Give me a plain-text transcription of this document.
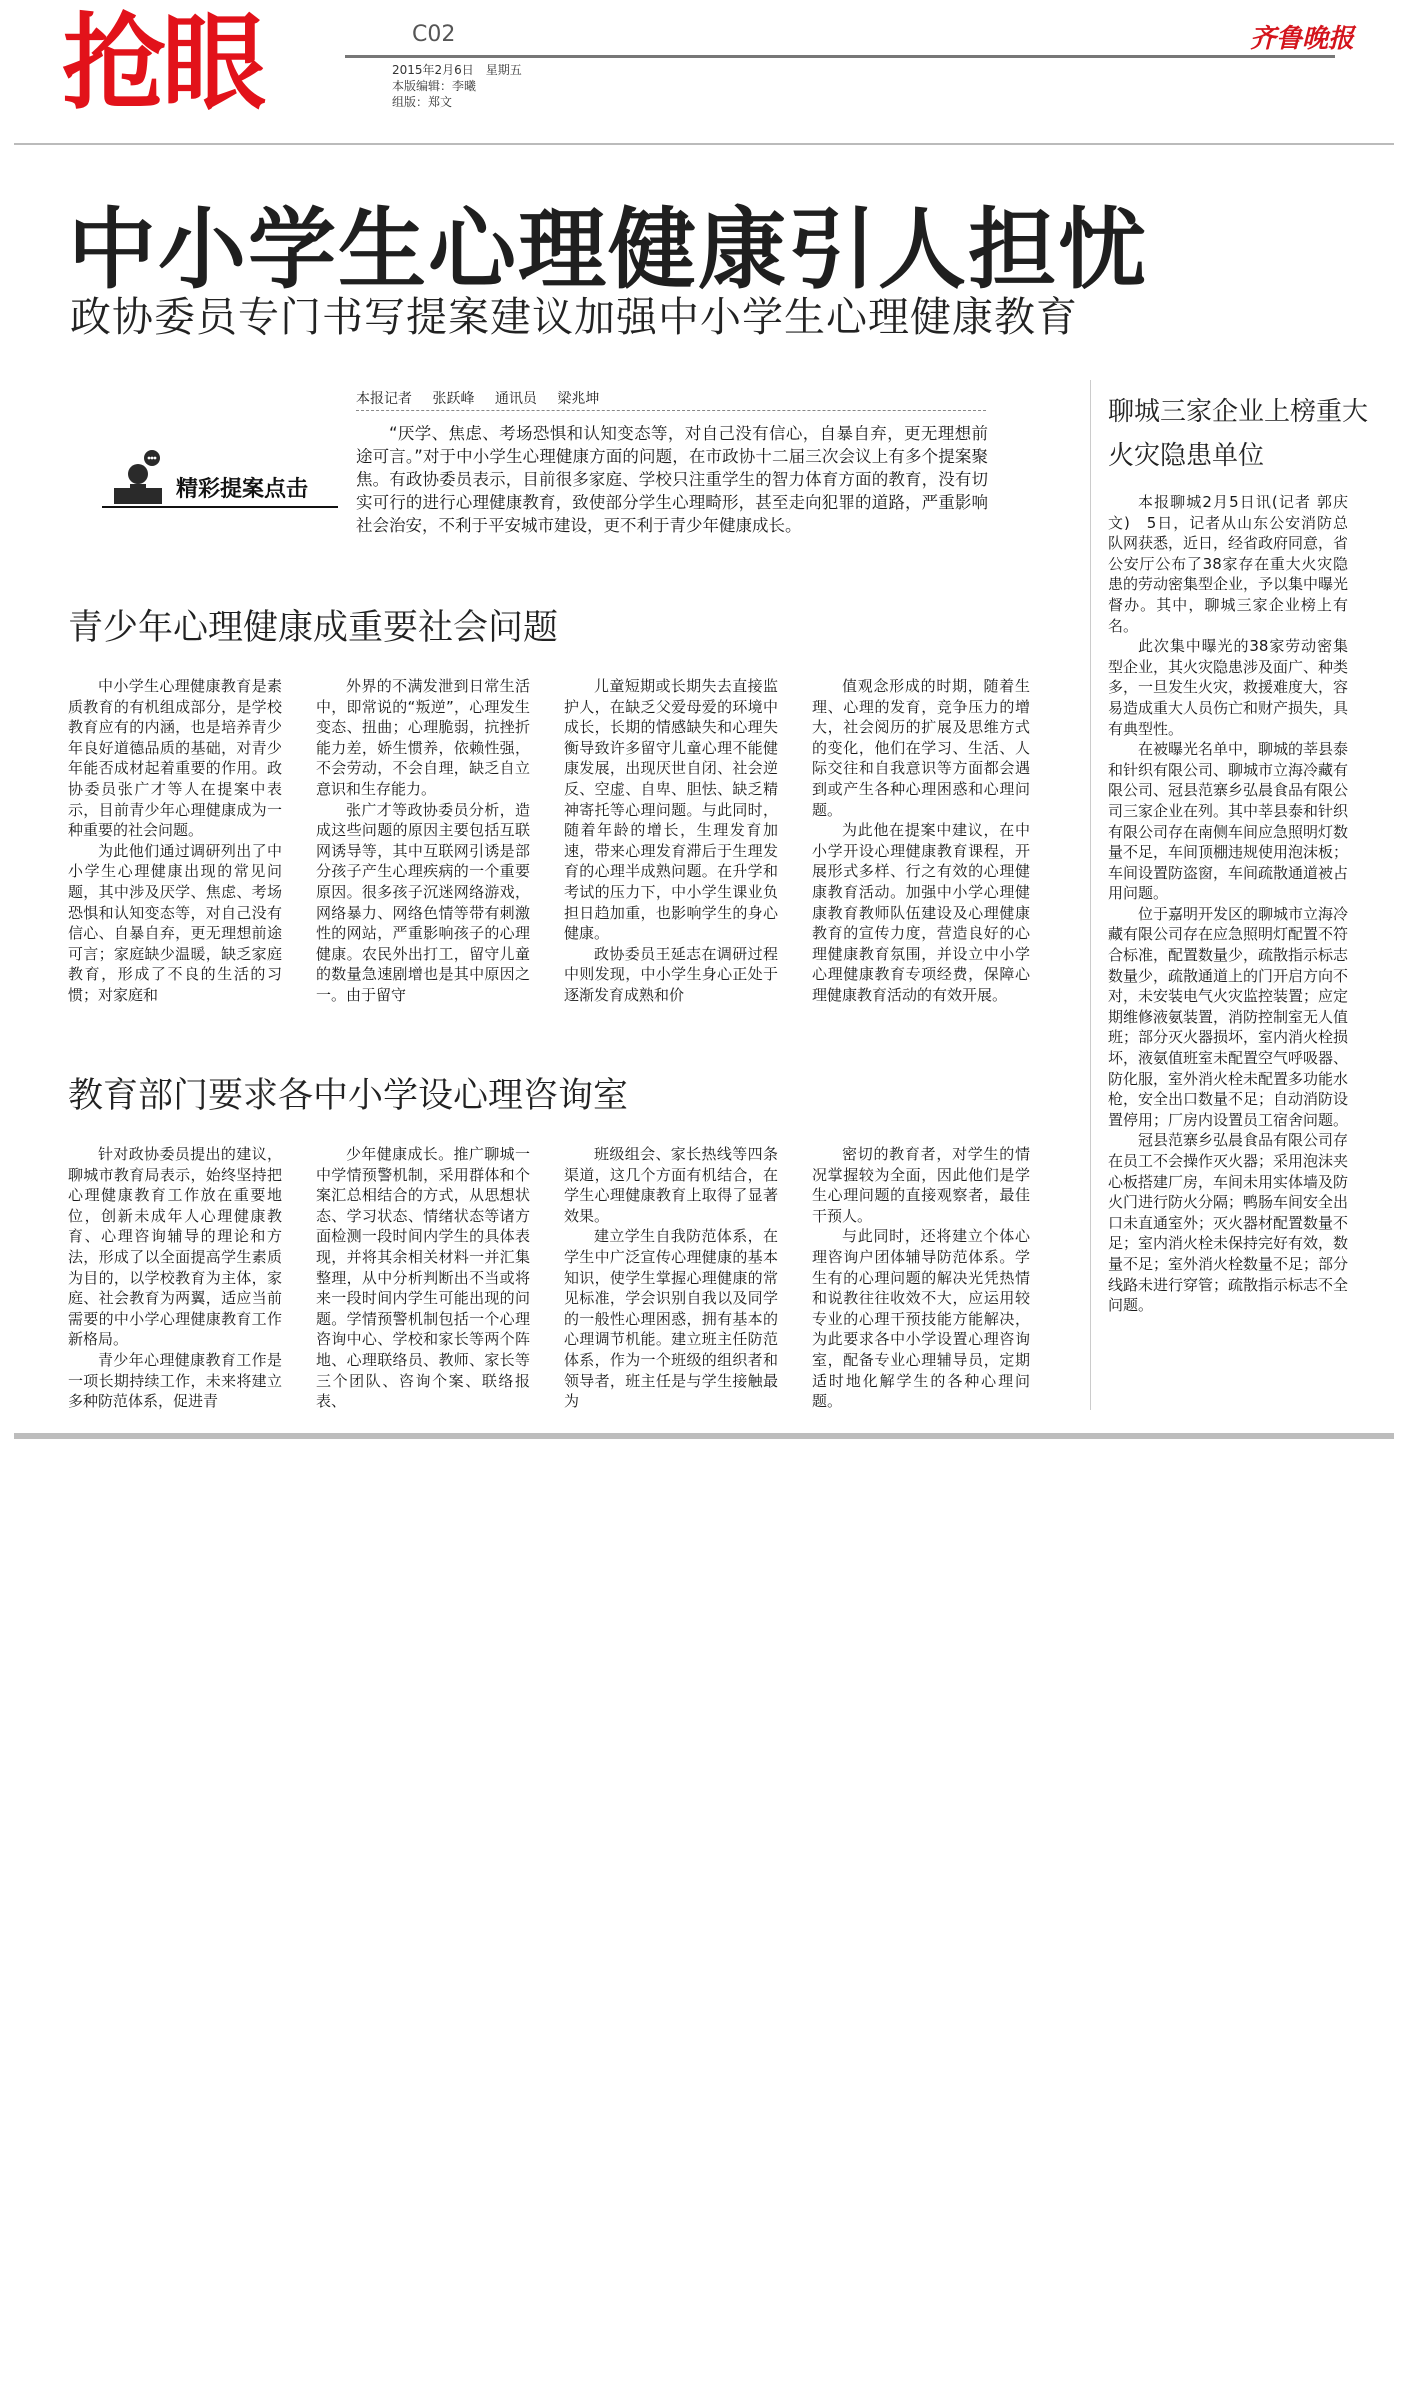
抢眼	C02
2015年2月6日　星期五
本版编辑：李曦
组版：郑文
齐鲁晚报
中小学生心理健康引人担忧
政协委员专门书写提案建议加强中小学生心理健康教育
本报记者 张跃峰 通讯员 梁兆坤
精彩提案点击
“厌学、焦虑、考场恐惧和认知变态等，对自己没有信心，自暴自弃，更无理想前途可言。”对于中小学生心理健康方面的问题，在市政协十二届三次会议上有多个提案聚焦。有政协委员表示，目前很多家庭、学校只注重学生的智力体育方面的教育，没有切实可行的进行心理健康教育，致使部分学生心理畸形，甚至走向犯罪的道路，严重影响社会治安，不利于平安城市建设，更不利于青少年健康成长。
青少年心理健康成重要社会问题

中小学生心理健康教育是素质教育的有机组成部分，是学校教育应有的内涵，也是培养青少年良好道德品质的基础，对青少年能否成材起着重要的作用。政协委员张广才等人在提案中表示，目前青少年心理健康成为一种重要的社会问题。

为此他们通过调研列出了中小学生心理健康出现的常见问题，其中涉及厌学、焦虑、考场恐惧和认知变态等，对自己没有信心、自暴自弃，更无理想前途可言；家庭缺少温暖，缺乏家庭教育，形成了不良的生活的习惯；对家庭和

外界的不满发泄到日常生活中，即常说的“叛逆”，心理发生变态、扭曲；心理脆弱，抗挫折能力差，娇生惯养，依赖性强，不会劳动，不会自理，缺乏自立意识和生存能力。

张广才等政协委员分析，造成这些问题的原因主要包括互联网诱导等，其中互联网引诱是部分孩子产生心理疾病的一个重要原因。很多孩子沉迷网络游戏，网络暴力、网络色情等带有刺激性的网站，严重影响孩子的心理健康。农民外出打工，留守儿童的数量急速剧增也是其中原因之一。由于留守

儿童短期或长期失去直接监护人，在缺乏父爱母爱的环境中成长，长期的情感缺失和心理失衡导致许多留守儿童心理不能健康发展，出现厌世自闭、社会逆反、空虚、自卑、胆怯、缺乏精神寄托等心理问题。与此同时，随着年龄的增长，生理发育加速，带来心理发育滞后于生理发育的心理半成熟问题。在升学和考试的压力下，中小学生课业负担日趋加重，也影响学生的身心健康。

政协委员王延志在调研过程中则发现，中小学生身心正处于逐渐发育成熟和价

值观念形成的时期，随着生理、心理的发育，竞争压力的增大，社会阅历的扩展及思维方式的变化，他们在学习、生活、人际交往和自我意识等方面都会遇到或产生各种心理困惑和心理问题。

为此他在提案中建议，在中小学开设心理健康教育课程，开展形式多样、行之有效的心理健康教育活动。加强中小学心理健康教育教师队伍建设及心理健康教育的宣传力度，营造良好的心理健康教育氛围，并设立中小学心理健康教育专项经费，保障心理健康教育活动的有效开展。

教育部门要求各中小学设心理咨询室

针对政协委员提出的建议，聊城市教育局表示，始终坚持把心理健康教育工作放在重要地位，创新未成年人心理健康教育、心理咨询辅导的理论和方法，形成了以全面提高学生素质为目的，以学校教育为主体，家庭、社会教育为两翼，适应当前需要的中小学心理健康教育工作新格局。

青少年心理健康教育工作是一项长期持续工作，未来将建立多种防范体系，促进青

少年健康成长。推广聊城一中学情预警机制，采用群体和个案汇总相结合的方式，从思想状态、学习状态、情绪状态等诸方面检测一段时间内学生的具体表现，并将其余相关材料一并汇集整理，从中分析判断出不当或将来一段时间内学生可能出现的问题。学情预警机制包括一个心理咨询中心、学校和家长等两个阵地、心理联络员、教师、家长等三个团队、咨询个案、联络报表、

班级组会、家长热线等四条渠道，这几个方面有机结合，在学生心理健康教育上取得了显著效果。

建立学生自我防范体系，在学生中广泛宣传心理健康的基本知识，使学生掌握心理健康的常见标准，学会识别自我以及同学的一般性心理困惑，拥有基本的心理调节机能。建立班主任防范体系，作为一个班级的组织者和领导者，班主任是与学生接触最为

密切的教育者，对学生的情况掌握较为全面，因此他们是学生心理问题的直接观察者，最佳干预人。

与此同时，还将建立个体心理咨询户团体辅导防范体系。学生有的心理问题的解决光凭热情和说教往往收效不大，应运用较专业的心理干预技能方能解决，为此要求各中小学设置心理咨询室，配备专业心理辅导员，定期适时地化解学生的各种心理问题。

聊城三家企业上榜重大火灾隐患单位

本报聊城2月5日讯(记者 郭庆文)　5日，记者从山东公安消防总队网获悉，近日，经省政府同意，省公安厅公布了38家存在重大火灾隐患的劳动密集型企业，予以集中曝光督办。其中，聊城三家企业榜上有名。

此次集中曝光的38家劳动密集型企业，其火灾隐患涉及面广、种类多，一旦发生火灾，救援难度大，容易造成重大人员伤亡和财产损失，具有典型性。

在被曝光名单中，聊城的莘县泰和针织有限公司、聊城市立海冷藏有限公司、冠县范寨乡弘晨食品有限公司三家企业在列。其中莘县泰和针织有限公司存在南侧车间应急照明灯数量不足，车间顶棚违规使用泡沫板；车间设置防盗窗，车间疏散通道被占用问题。

位于嘉明开发区的聊城市立海冷藏有限公司存在应急照明灯配置不符合标准，配置数量少，疏散指示标志数量少，疏散通道上的门开启方向不对，未安装电气火灾监控装置；应定期维修液氨装置，消防控制室无人值班；部分灭火器损坏，室内消火栓损坏，液氨值班室未配置空气呼吸器、防化服，室外消火栓未配置多功能水枪，安全出口数量不足；自动消防设置停用；厂房内设置员工宿舍问题。

冠县范寨乡弘晨食品有限公司存在员工不会操作灭火器；采用泡沫夹心板搭建厂房，车间未用实体墙及防火门进行防火分隔；鸭肠车间安全出口未直通室外；灭火器材配置数量不足；室内消火栓未保持完好有效，数量不足；室外消火栓数量不足；部分线路未进行穿管；疏散指示标志不全问题。
